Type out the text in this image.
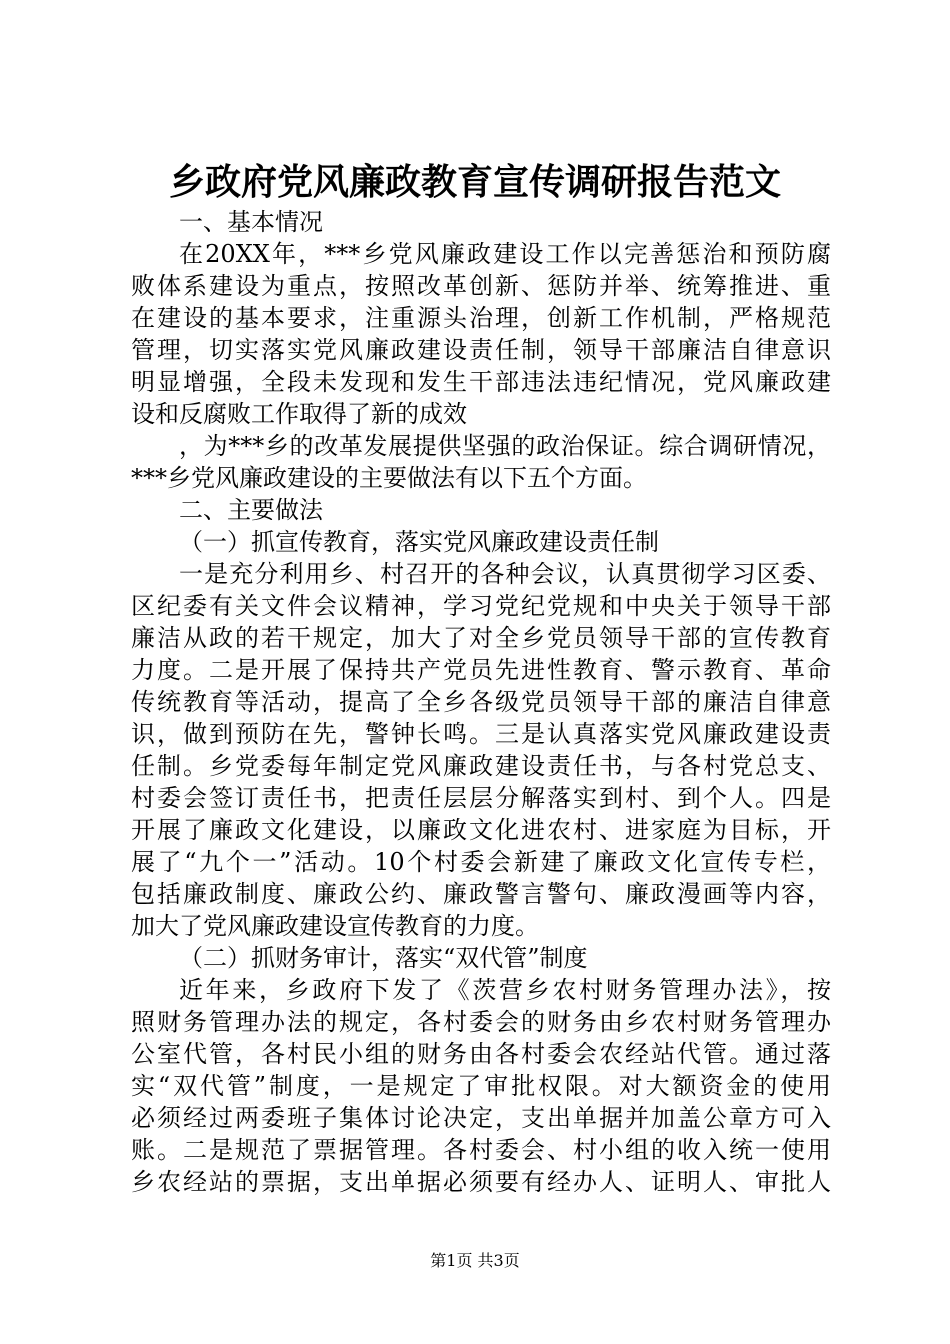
乡政府党风廉政教育宣传调研报告范文
一、基本情况
在20XX年，***乡党风廉政建设工作以完善惩治和预防腐
败体系建设为重点，按照改革创新、惩防并举、统筹推进、重
在建设的基本要求，注重源头治理，创新工作机制，严格规范
管理，切实落实党风廉政建设责任制，领导干部廉洁自律意识
明显增强，全段未发现和发生干部违法违纪情况，党风廉政建
设和反腐败工作取得了新的成效
，为***乡的改革发展提供坚强的政治保证。综合调研情况，
***乡党风廉政建设的主要做法有以下五个方面。
二、主要做法
（一）抓宣传教育，落实党风廉政建设责任制
一是充分利用乡、村召开的各种会议，认真贯彻学习区委、
区纪委有关文件会议精神，学习党纪党规和中央关于领导干部
廉洁从政的若干规定，加大了对全乡党员领导干部的宣传教育
力度。二是开展了保持共产党员先进性教育、警示教育、革命
传统教育等活动，提高了全乡各级党员领导干部的廉洁自律意
识，做到预防在先，警钟长鸣。三是认真落实党风廉政建设责
任制。乡党委每年制定党风廉政建设责任书，与各村党总支、
村委会签订责任书，把责任层层分解落实到村、到个人。四是
开展了廉政文化建设，以廉政文化进农村、进家庭为目标，开
展了“九个一”活动。10个村委会新建了廉政文化宣传专栏，
包括廉政制度、廉政公约、廉政警言警句、廉政漫画等内容，
加大了党风廉政建设宣传教育的力度。
（二）抓财务审计，落实“双代管”制度
近年来，乡政府下发了《茨营乡农村财务管理办法》，按
照财务管理办法的规定，各村委会的财务由乡农村财务管理办
公室代管，各村民小组的财务由各村委会农经站代管。通过落
实“双代管”制度，一是规定了审批权限。对大额资金的使用
必须经过两委班子集体讨论决定，支出单据并加盖公章方可入
账。二是规范了票据管理。各村委会、村小组的收入统一使用
乡农经站的票据，支出单据必须要有经办人、证明人、审批人
第1页 共3页
